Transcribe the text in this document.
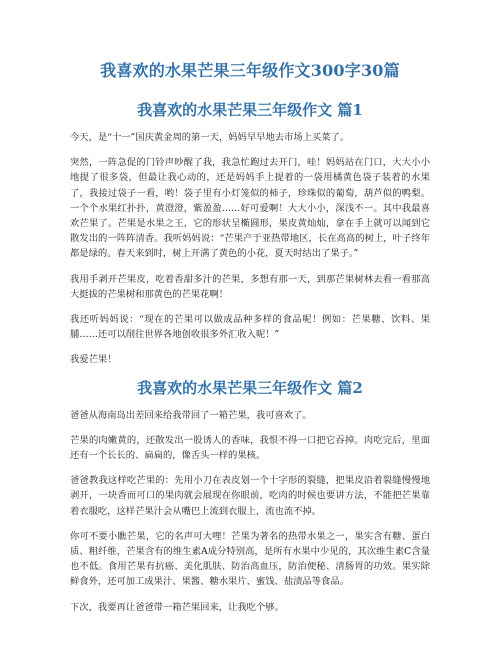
我喜欢的水果芒果三年级作文300字30篇
我喜欢的水果芒果三年级作文 篇1

今天，是“十一”国庆黄金周的第一天，妈妈早早地去市场上买菜了。

突然，一阵急促的门铃声吵醒了我，我急忙跑过去开门，哇！妈妈站在门口，大大小小地提了很多袋，但最让我心动的，还是妈妈手上提着的一袋用橘黄色袋子装着的水果了，我接过袋子一看，哟！袋子里有小灯笼似的柿子，珍珠似的葡萄，葫芦似的鸭梨。一个个水果红扑扑，黄澄澄，紫盈盈……好可爱啊！大大小小，深浅不一。其中我最喜欢芒果了。芒果是水果之王，它的形状呈椭圆形，果皮黄灿灿，拿在手上就可以闻到它散发出的一阵阵清香。我听妈妈说：“芒果产于亚热带地区，长在高高的树上，叶子终年都是绿的。春天来到时，树上开满了黄色的小花，夏天时结出了果子。”

我用手剥开芒果皮，吃着香甜多汁的芒果，多想有那一天，到那芒果树林去看一看那高大挺拔的芒果树和那黄色的芒果花啊！

我还听妈妈说：“现在的芒果可以做成品种多样的食品呢！例如：芒果糖、饮料、果脯……还可以削往世界各地创收很多外汇收入呢！”

我爱芒果！

我喜欢的水果芒果三年级作文 篇2

爸爸从海南岛出差回来给我带回了一箱芒果，我可喜欢了。

芒果的肉嫩黄的，还散发出一股诱人的香味，我恨不得一口把它吞掉。肉吃完后，里面还有一个长长的、扁扁的，像舌头一样的果核。

爸爸教我这样吃芒果的：先用小刀在表皮划一个十字形的裂缝，把果皮沿着裂缝慢慢地剥开，一块香而可口的果肉就会展现在你眼前，吃肉的时候也要讲方法，不能把芒果靠着衣服吃，这样芒果汁会从嘴巴上流到衣服上，流也流不掉。

你可不要小瞧芒果，它的名声可大哩！芒果为著名的热带水果之一，果实含有糖、蛋白质、粗纤维，芒果含有的维生素A成分特别高，是所有水果中少见的，其次维生素C含量也不低。食用芒果有抗癌、美化肌肤、防治高血压，防治便秘、清肠胃的功效。果实除鲜食外，还可加工成果汁、果酱、糖水果片、蜜饯、盐渍品等食品。

下次，我要再让爸爸带一箱芒果回来，让我吃个够。
